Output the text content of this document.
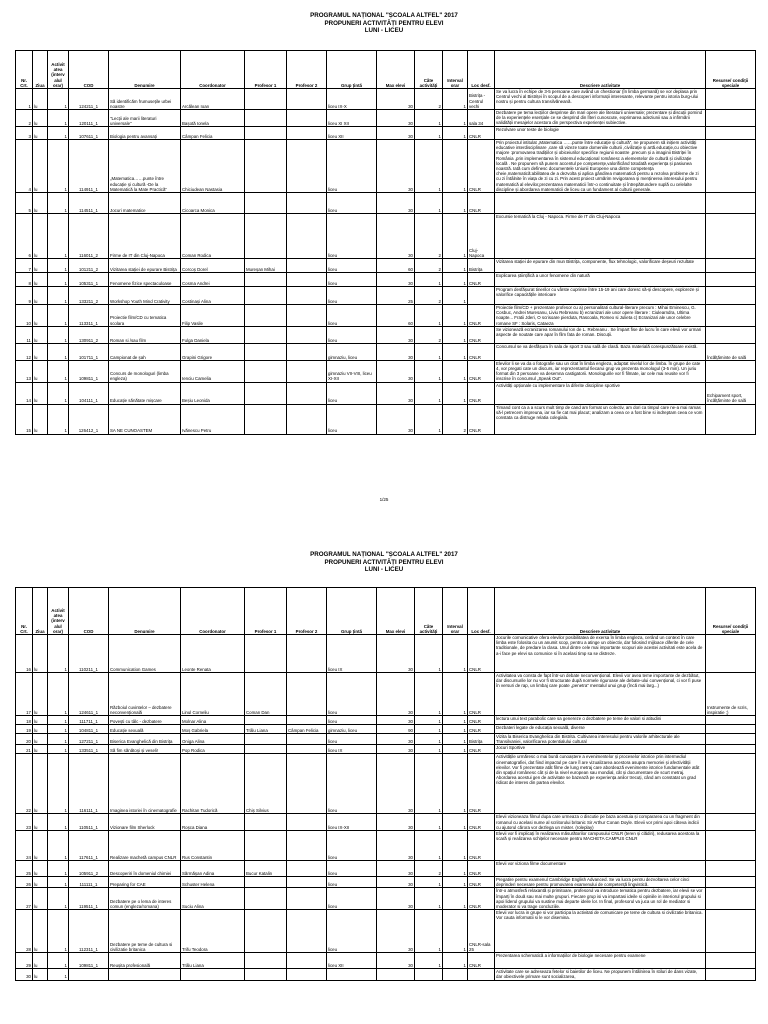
PROGRAMUL NAȚIONAL "ȘCOALA ALTFEL" 2017
PROPUNERI ACTIVITĂȚI PENTRU ELEVI
LUNI - LICEU
Nr. Crt.	Ziua	Activit atea (interv alul orar)	COD	Denumire	Coordonator	Profesor 1	Profesor 2	Grup țintă	Max elevi	Câte activități	Interval orar	Loc desf.	Descriere activitate	Resurse/ condiții speciale
1	lu	1	124211_1	Să identificăm frumusețile urbei noastre	Arcălean Ioan			liceu IX-X	30	2	1	Bistrița - Centrul vechi	Se va lucra în echipe de 3-5 persoane care având un chestionar (în limba germană) se vor deplasa prin Centrul vechi al Bistriței în scopul de a descoperi informații interesante, relevante pentru istoria burg-ului nostru și pentru cultura transilvăneană.	
2	lu	1	120111_1	"Lecții ale marii literaturi universale"	Bașotă Ionela			liceu XI XII	30	1	1	sala 34	Dezbatere pe tema lecțiilor desprinse din mari opere ale literaturii universale; prezentare și discuții pornind de la experiențele esențiale ce se desprind din lîteri cunoscute, exprimarea adeziunii sau a infirmării validității mesajelor acestora din perspectiva experienței subiective.	
3	lu	1	107611_1	Biologia pentru avansați	Câmpan Felicia			liceu XII	30	1	1	CNLR	Rezolvare unor teste de biologie	
4	lu	1	114911_1	„Matematica……punte între educație și cultură -De la Matematică la Mate Practică”	Chiciudean Nastasia			liceu	30	1	1	CNLR	Prin proiectul intitulat „Matematica ……punte între educație și cultură”, ne propunem să inițiem activități educative interdisciplinare ,care să vizeze toate domeniile culturii ,civilizație și artă.educație,cu obiective majore :promovarea tradițiilor și obiceiurilor specifice regiunii noastre ,precum și a imaginii Bistriței în România ,prin implementarea în sistemul educațional românesc a elementelor de cultură și civilizație locală . Ne propunem să punem accentul pe competențe,valorificând totodată experiența și pasiunea noastră. Iată cum definesc documentele Uniunii Europene una dintre competența cheie,matematică:abilitatea de a dezvolta și aplica gândirea matematică pentru a rezolva probleme de zi cu zi întâlnite în viața de zi cu zi. Prin acest proiect urmărim revigorarea și menținerea interesului pentru matematică al elevilor,prezentarea matematicii într-o continuitate și întrepătrundere suplă cu celelalte discipline și abordarea matematicii de liceu ca un fundament al culturii generale.	
5	lu	1	114511_1	Jocuri matematice	Cicoarca Monica			liceu	30	1	1	CNLR		
6	lu	1	116011_2	Firme de IT din Cluj-Napoca	Coman Rodica			liceu	30	2	1	Cluj-Napoca	Excursie tematică la Cluj - Napoca. Firme de IT din Cluj-Napoca	
7	lu	1	101211_2	Vizitarea stației de epurare Bistrița	Corcoș Dorel	Mureșan Mihai		liceu	60	2	1	Bistrița	Vizitarea stației de epurare din mun Bistrița, componente, flux tehnologic, valorificare deșeuri rezultate	
8	lu	1	105311_1	Fenomene fizice spectaculoase	Cosma Andrei			liceu	30	1	1	CNLR	Explicarea științifică a unor fenomene din natură	
9	lu	1	133211_2	Workshop Youth Mind Crativity	Costinași Alina			liceu	25	2	1		Program desfășurat tinerilor cu vârste cuprinse între 15-19 ani care doresc să-și descopere, exploreze și valorifice capacitățile interioare	
10	lu	1	113311_1	Proiectie film/CD cu tematica scolara	Filip Vasile			liceu	60	1	1	CNLR	Proiectie film/CD + prezentare profesor cu a) personalitati cultural-literare precum : Mihai Eminescu, G. Cosbuc, Andrei Muresanu, Liviu Rebreanu b) ecranizari ale unor opere literare : Ciulearndra, Ultima noapte... Fratii Jderi, O scrisoare pierduta, Rascoala, Romeo si Julieta c) Ecranizari ale unor celebre romane SF : Solaris, Cataeza	
11	lu	1	130911_2	Roman si /sau film	Fulga Daniela			liceu	30	2	1	CNLR	Se vizionează ecranizarea romanului Ion de L. Rebreanu . Se împart fise de lucru în care elevii vor urmari aspecte de noutate care apar în film fata de roman. Discuții.	
12	lu	1	101711_1	Campionat de șah	Grapini Grigore			gimnaziu, liceu	30	1	1	CNLR	Concursul se va desfășura în sala de sport 3 sau sală de clasă. Baza materială corespunzătoare există.	Încălțăminte de sală
13	lu	1	109811_1	Concurs de monologuri (limba engleza)	Ienciu Camelia			gimnaziu VII-VIII, liceu XI-XII	30	1	1	CNLR	Elevilor li se va da o fotografie sau un citat în limba engleza, adaptat nivelul lor de limba. În grupe de cate 4, vor pregati cate un discurs, iar reprezentantul fiecarui grup va prezenta monologul (3-5 min). Un juriu format din 3 persoane va desemna castigatorii. Monologurile vor fi filmate, iar cele mai reusite vor fi inscrise în concursul „Speak Out”.	
14	lu	1	104111_1	Educație sănătate mișcare	Beșiu Leonida			liceu	30	1	1	CNLR	Activități opționale cu implementare la diferite discipline sportive	Echipament sport, încălțăminte de sală
15	lu	1	126412_1	SA NE CUNOASTEM	Ivănescu Petru			liceu	30	1	2	CNLR	Timand cont ca a a scurs mult timp de cand am format un colectiv, am dori ca timpul care ne-a mai ramas să-l petrecem impreuna, iar sa fie cat mai placut; analizam a ceea ce a fost bine si indreptam ceea ce vom constata ca distruge relatia colegiala.	
1/25
PROGRAMUL NAȚIONAL "ȘCOALA ALTFEL" 2017
PROPUNERI ACTIVITĂȚI PENTRU ELEVI
LUNI - LICEU
Nr. Crt.	Ziua	Activit atea (interv alul orar)	COD	Denumire	Coordonator	Profesor 1	Profesor 2	Grup țintă	Max elevi	Câte activități	Interval orar	Loc desf.	Descriere activitate	Resurse/ condiții speciale
16	lu	1	110211_1	Communication Games	Leonte Renata			liceu IX	30	1	1	CNLR	Jocurile comunicative ofera elevilor posibilitatea de exersa în limba engleza, cerând un context în care limba este folosita cu un anumit scop, pentru a atinge un obiectiv, dar folosind mijloace diferite de cele traditionale, de predare la clasa. Unul dintre cele mai importante scopuri ale acestei activitati este acela de a-i face pe elevi sa comunice si în acelasi timp sa se distreze.	
17	lu	1	124611_1	Războiul cuvintelor – dezbatere neconvențională	Linul Corneliu	Coman Dan		liceu	30	1	1	CNLR	Activitatea va consta de fapt într-un debate neconvențional. Elevii vor avea teme importante de dezbătut, dar discursurile lor nu vor fi structurate după normele riguroase ale debate-ului convențional, ci vor fi puse în versuri de rap, un limbaj care poate „penetra” mentalul unui grup (încă mai larg...)	Instrumente de scris, inspiratie ;)
18	lu	1	111711_1	Povești cu tâlc - dezbatere	Molnar Alina			liceu	30	1	1	CNLR	lectura unui text parabolic care sa genereze o dezbatere pe teme de valori si atitudini	
19	lu	1	104811_1	Educație sexuală	Moș Gabriela	Trâlu Liana	Câmpan Felicia	gimnaziu, liceu	90	1	1	CNLR	Dezbateri legate de educația sexuală, diverse	
20	lu	1	127211_1	Biserica Evanghelică din Bistrița	Oniga Alina			liceu	30	1	1	Bistrița	Vizita la Biserica Evanghelica din Bistrita. Cultivarea interesului pentru valorile arhitecturale ale Transilvaniei, valorificarea potentialului cultural	
21	lu	1	133511_1	Să fim sănătoși și veseli!	Pop Rodica			liceu IX	30	1	1	CNLR	Jocuri Sportive	
22	lu	1	116111_1	Imaginea istoriei în cinematografie	Rachitan Tudorică	Chiș Silvius		liceu	30	1	1	CNLR	Activitățile urmăresc o mai bună cunoaștere a evenimentelor și proceselor istorice prin intermediul cinematografiei, dat fiind impactul pe care îl are vizualizarea acestora asupra memoriei și afectivității elevilor. Vor fi prezentate atât filme de lung metraj care abordează evenimente istorice fundamentale atât din spațiul românesc cât și de la nivel european sau mondial, cât și documentare de scurt metraj. Abordarea acestui gen de activitate se bazează pe experiența anilor trecuți, când am constatat un grad ridicat de interes din partea elevilor.	
23	lu	1	110511_1	Vizionare film Sherlock	Roșca Diana			liceu IX-XII	30	1	1	CNLR	Elevii vizioneaza filmul dupa care urmeaza o discutie pe baza acestuia și compararea cu un fragment din romanul cu acelasi nume al scriitorului britanic Sir Arthur Conan Doyle. Elevii vor primi apoi câteva indicii cu ajutorul cărora vor dezlega un mister. (roleplay)	
24	lu	1	117611_1	Realizare machetă campus CNLR	Rus Constantin			liceu	30	1	1	CNLR	Elevii vor fi implicați în realizarea măsurătorilor campusului CNLR (teren și clădiri), redusarea acestora la scară și realizarea schițelor necesare pentru MACHETA CAMPUS CNLR	
25	lu	1	105911_2	Descoperiri în domeniul chimiei	Sărmășan Adina	Bucur Katalin		liceu	30	2	1	CNLR	Elevii vor viziona filme documentare	
26	lu	1	111111_1	Preparing for CAE	Schuster Helena			liceu	30	1	1	CNLR	Pregatire pentru examenul Cambridge English Advanced. Se va lucra pentru dezvoltarea celor cinci deprinderi necesare pentru promovarea examenului de competență lingvistică.	
27	lu	1	119511_1	Dezbatere pe o lema de interes comun (engleza/romana)	Suciu Alina			liceu	30	1	1	CNLR	Într-o atmosferă relaxantă și primitoare, profesorul va introduce tematica pentru dezbatere, iar elevii se vor împarți în două sau mai multe grupuri. Fiecare grup isi va impartasi ideile si opiniile in interiorul grupului si apoi liderul grupului va sustine mai departe ideile lor. In final, profesorul va juca un rol de mediator si moderator si va trage concluziile.	
28	lu	1	112311_1	Dezbatere pe teme de cultura si civilizatie britanica	Trifu Teodora			liceu	30	1	1	CNLR-sala 25	Elevii vor lucra in grupe si vor participa la activitati de comunicare pe teme de cultura si civilizatie britanica. Vor cauta informatii si le vor disemina.	
29	lu	1	109811_1	Reușita profesională	Trâlu Liana			liceu XII	30	1	1	CNLR	Prezentarea schematică a informațiilor de biologie necesare pentru examene	
30	lu	1											Activitate care se adreseaza fetelor si baietilor de liceu. Ne propunem întâlnirea în stiluri de dans vizate, dar obiectivele primare sunt socializarea,	
